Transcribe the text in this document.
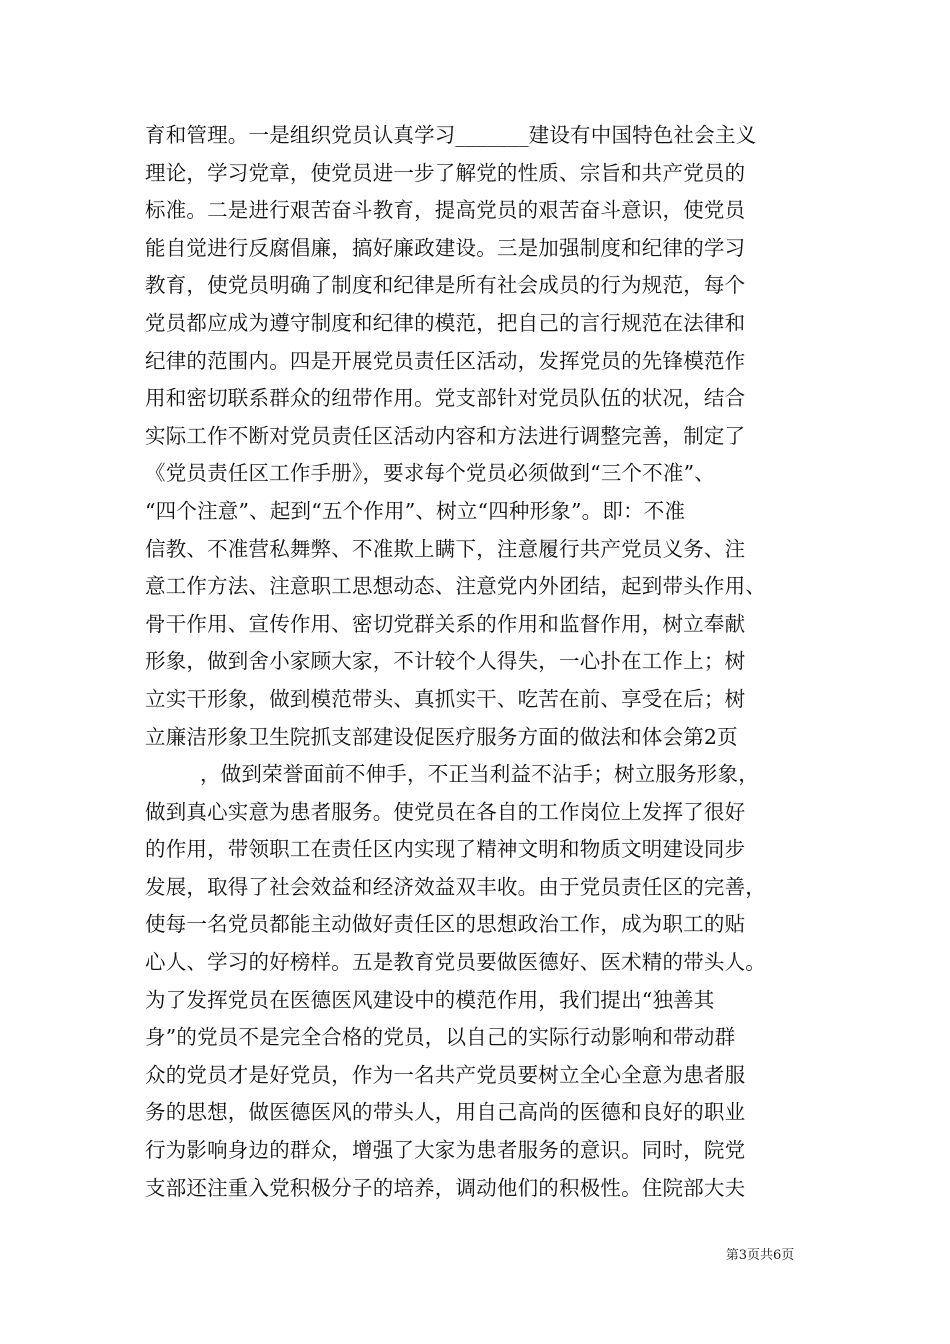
育和管理。一是组织党员认真学习_______建设有中国特色社会主义
理论，学习党章，使党员进一步了解党的性质、宗旨和共产党员的
标准。二是进行艰苦奋斗教育，提高党员的艰苦奋斗意识，使党员
能自觉进行反腐倡廉，搞好廉政建设。三是加强制度和纪律的学习
教育，使党员明确了制度和纪律是所有社会成员的行为规范，每个
党员都应成为遵守制度和纪律的模范，把自己的言行规范在法律和
纪律的范围内。四是开展党员责任区活动，发挥党员的先锋模范作
用和密切联系群众的纽带作用。党支部针对党员队伍的状况，结合
实际工作不断对党员责任区活动内容和方法进行调整完善，制定了
《党员责任区工作手册》，要求每个党员必须做到“三个不准”、
“四个注意”、起到“五个作用”、树立“四种形象”。即：不准
信教、不准营私舞弊、不准欺上瞒下，注意履行共产党员义务、注
意工作方法、注意职工思想动态、注意党内外团结，起到带头作用、
骨干作用、宣传作用、密切党群关系的作用和监督作用，树立奉献
形象，做到舍小家顾大家，不计较个人得失，一心扑在工作上；树
立实干形象，做到模范带头、真抓实干、吃苦在前、享受在后；树
立廉洁形象卫生院抓支部建设促医疗服务方面的做法和体会第2页
，做到荣誉面前不伸手，不正当利益不沾手；树立服务形象，
做到真心实意为患者服务。使党员在各自的工作岗位上发挥了很好
的作用，带领职工在责任区内实现了精神文明和物质文明建设同步
发展，取得了社会效益和经济效益双丰收。由于党员责任区的完善，
使每一名党员都能主动做好责任区的思想政治工作，成为职工的贴
心人、学习的好榜样。五是教育党员要做医德好、医术精的带头人。
为了发挥党员在医德医风建设中的模范作用，我们提出“独善其
身”的党员不是完全合格的党员，以自己的实际行动影响和带动群
众的党员才是好党员，作为一名共产党员要树立全心全意为患者服
务的思想，做医德医风的带头人，用自己高尚的医德和良好的职业
行为影响身边的群众，增强了大家为患者服务的意识。同时，院党
支部还注重入党积极分子的培养，调动他们的积极性。住院部大夫
第3页共6页
